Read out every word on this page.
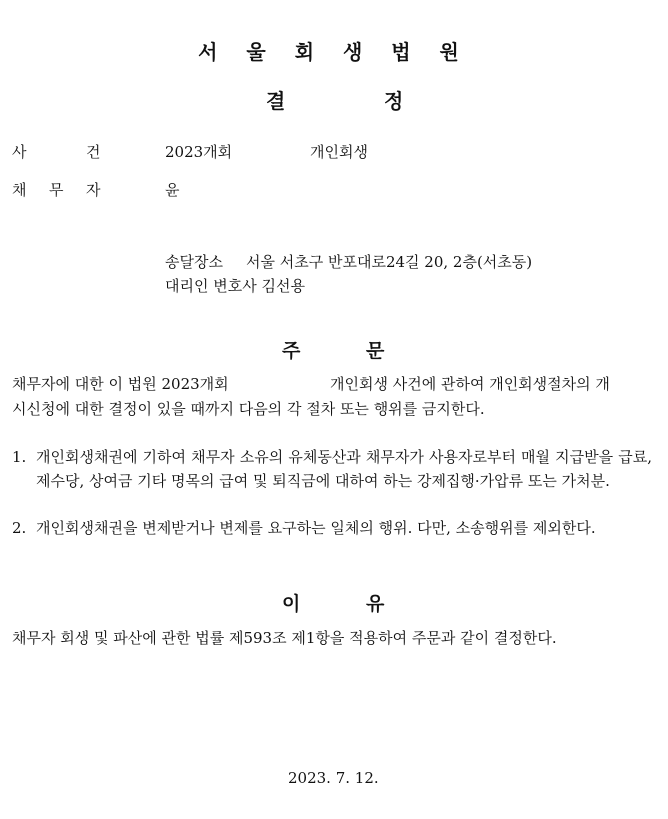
서 울 회 생 법 원
결	정
사	건	2023개회	개인회생
채 무 자	윤
송달장소 서울 서초구 반포대로24길 20, 2층(서초동)
대리인 변호사 김선용
주	문
채무자에 대한 이 법원 2023개회	개인회생 사건에 관하여 개인회생절차의 개
시신청에 대한 결정이 있을 때까지 다음의 각 절차 또는 행위를 금지한다.
1. 개인회생채권에 기하여 채무자 소유의 유체동산과 채무자가 사용자로부터 매월 지급받을 급료, 제수당, 상여금 기타 명목의 급여 및 퇴직금에 대하여 하는 강제집행·가압류 또는 가처분.
2. 개인회생채권을 변제받거나 변제를 요구하는 일체의 행위. 다만, 소송행위를 제외한다.
이	유
채무자 회생 및 파산에 관한 법률 제593조 제1항을 적용하여 주문과 같이 결정한다.
2023. 7. 12.
